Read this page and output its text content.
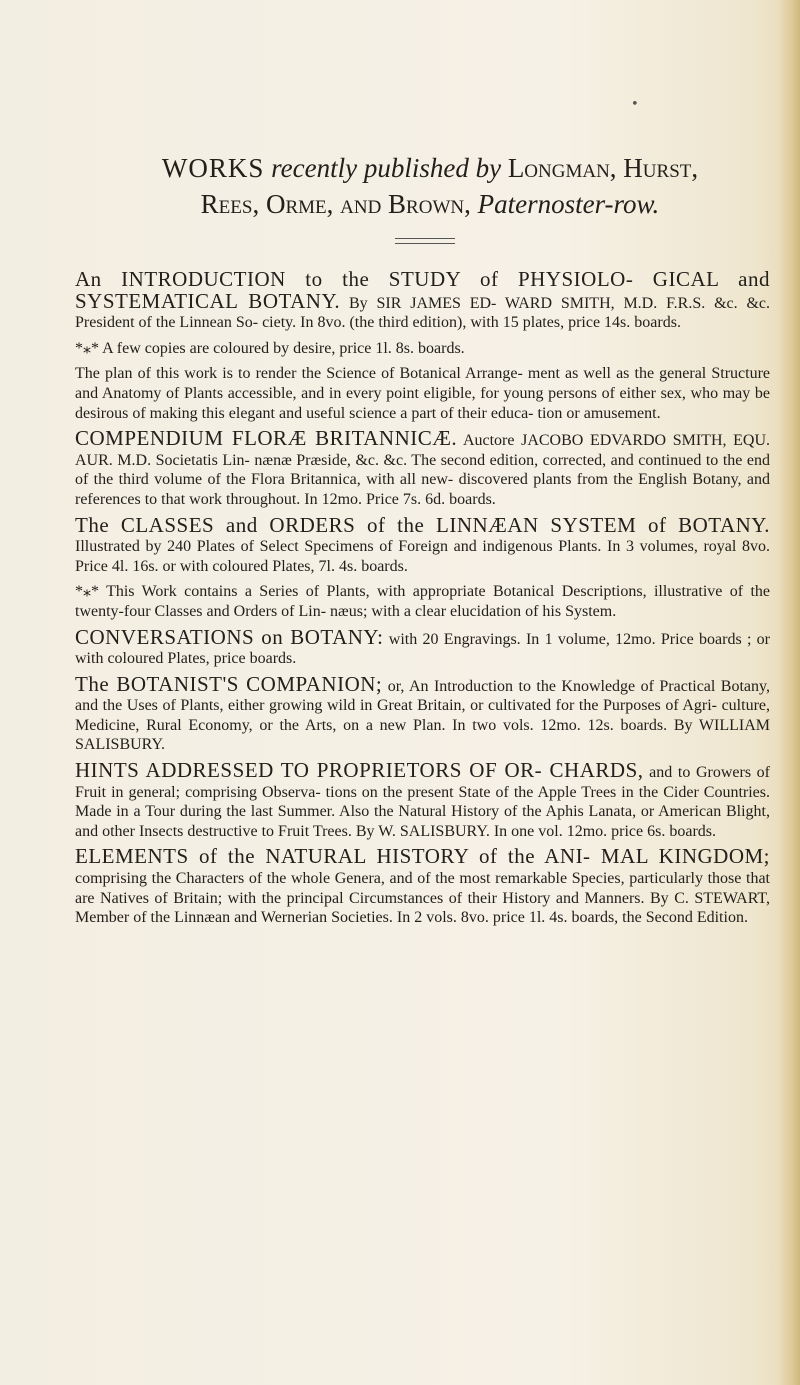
•
WORKS recently published by Longman, Hurst,
Rees, Orme, and Brown, Paternoster-row.

An INTRODUCTION to the STUDY of PHYSIOLO- GICAL and SYSTEMATICAL BOTANY. By SIR JAMES ED- WARD SMITH, M.D. F.R.S. &c. &c. President of the Linnean So- ciety. In 8vo. (the third edition), with 15 plates, price 14s. boards.

*⁎* A few copies are coloured by desire, price 1l. 8s. boards.

The plan of this work is to render the Science of Botanical Arrange- ment as well as the general Structure and Anatomy of Plants accessible, and in every point eligible, for young persons of either sex, who may be desirous of making this elegant and useful science a part of their educa- tion or amusement.

COMPENDIUM FLORÆ BRITANNICÆ. Auctore JACOBO EDVARDO SMITH, EQU. AUR. M.D. Societatis Lin- nænæ Præside, &c. &c. The second edition, corrected, and continued to the end of the third volume of the Flora Britannica, with all new- discovered plants from the English Botany, and references to that work throughout. In 12mo. Price 7s. 6d. boards.

The CLASSES and ORDERS of the LINNÆAN SYSTEM of BOTANY. Illustrated by 240 Plates of Select Specimens of Foreign and indigenous Plants. In 3 volumes, royal 8vo. Price 4l. 16s. or with coloured Plates, 7l. 4s. boards.

*⁎* This Work contains a Series of Plants, with appropriate Botanical Descriptions, illustrative of the twenty-four Classes and Orders of Lin- næus; with a clear elucidation of his System.

CONVERSATIONS on BOTANY: with 20 Engravings. In 1 volume, 12mo. Price boards ; or with coloured Plates, price boards.

The BOTANIST'S COMPANION; or, An Introduction to the Knowledge of Practical Botany, and the Uses of Plants, either growing wild in Great Britain, or cultivated for the Purposes of Agri- culture, Medicine, Rural Economy, or the Arts, on a new Plan. In two vols. 12mo. 12s. boards. By WILLIAM SALISBURY.

HINTS ADDRESSED TO PROPRIETORS OF OR- CHARDS, and to Growers of Fruit in general; comprising Observa- tions on the present State of the Apple Trees in the Cider Countries. Made in a Tour during the last Summer. Also the Natural History of the Aphis Lanata, or American Blight, and other Insects destructive to Fruit Trees. By W. SALISBURY. In one vol. 12mo. price 6s. boards.

ELEMENTS of the NATURAL HISTORY of the ANI- MAL KINGDOM; comprising the Characters of the whole Genera, and of the most remarkable Species, particularly those that are Natives of Britain; with the principal Circumstances of their History and Manners. By C. STEWART, Member of the Linnæan and Wernerian Societies. In 2 vols. 8vo. price 1l. 4s. boards, the Second Edition.
